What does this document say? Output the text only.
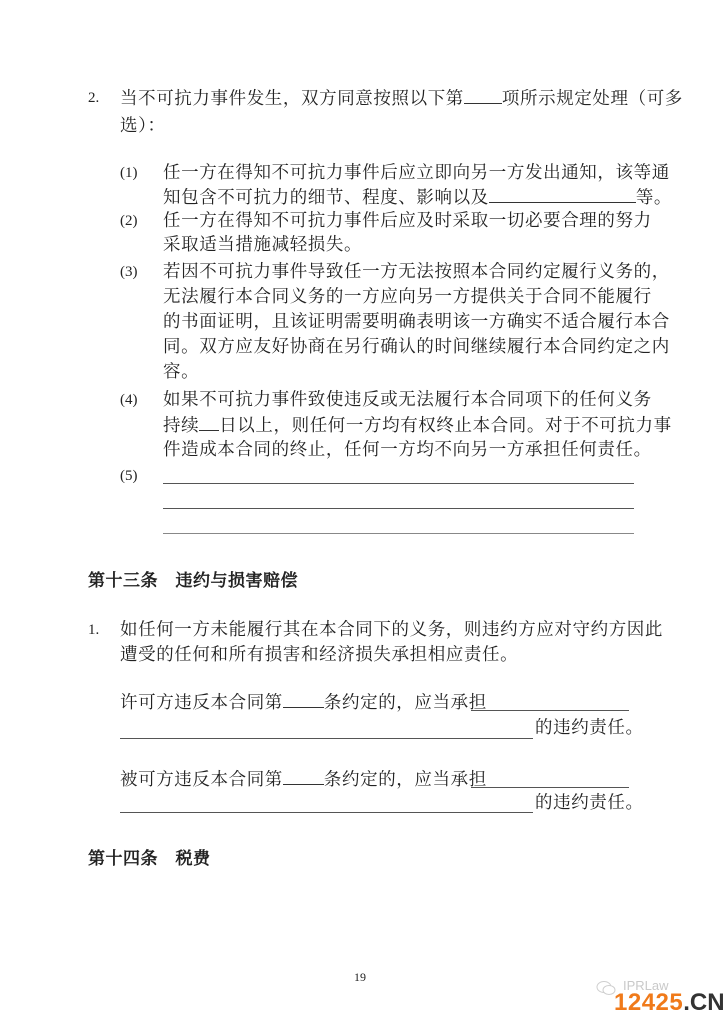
2. 当不可抗力事件发生，双方同意按照以下第 项所示规定处理（可多
选）：
(1) 任一方在得知不可抗力事件后应立即向另一方发出通知，该等通
知包含不可抗力的细节、程度、影响以及	等。
(2) 任一方在得知不可抗力事件后应及时采取一切必要合理的努力
采取适当措施减轻损失。
(3) 若因不可抗力事件导致任一方无法按照本合同约定履行义务的，
无法履行本合同义务的一方应向另一方提供关于合同不能履行
的书面证明，且该证明需要明确表明该一方确实不适合履行本合
同。双方应友好协商在另行确认的时间继续履行本合同约定之内
容。
(4) 如果不可抗力事件致使违反或无法履行本合同项下的任何义务
持续 日以上，则任何一方均有权终止本合同。对于不可抗力事
件造成本合同的终止，任何一方均不向另一方承担任何责任。
(5)
第十三条　违约与损害赔偿
1. 如任何一方未能履行其在本合同下的义务，则违约方应对守约方因此
遭受的任何和所有损害和经济损失承担相应责任。
许可方违反本合同第 条约定的，应当承担
的违约责任。
被可方违反本合同第 条约定的，应当承担
的违约责任。
第十四条　税费
19
IPRLaw
12425.CN
